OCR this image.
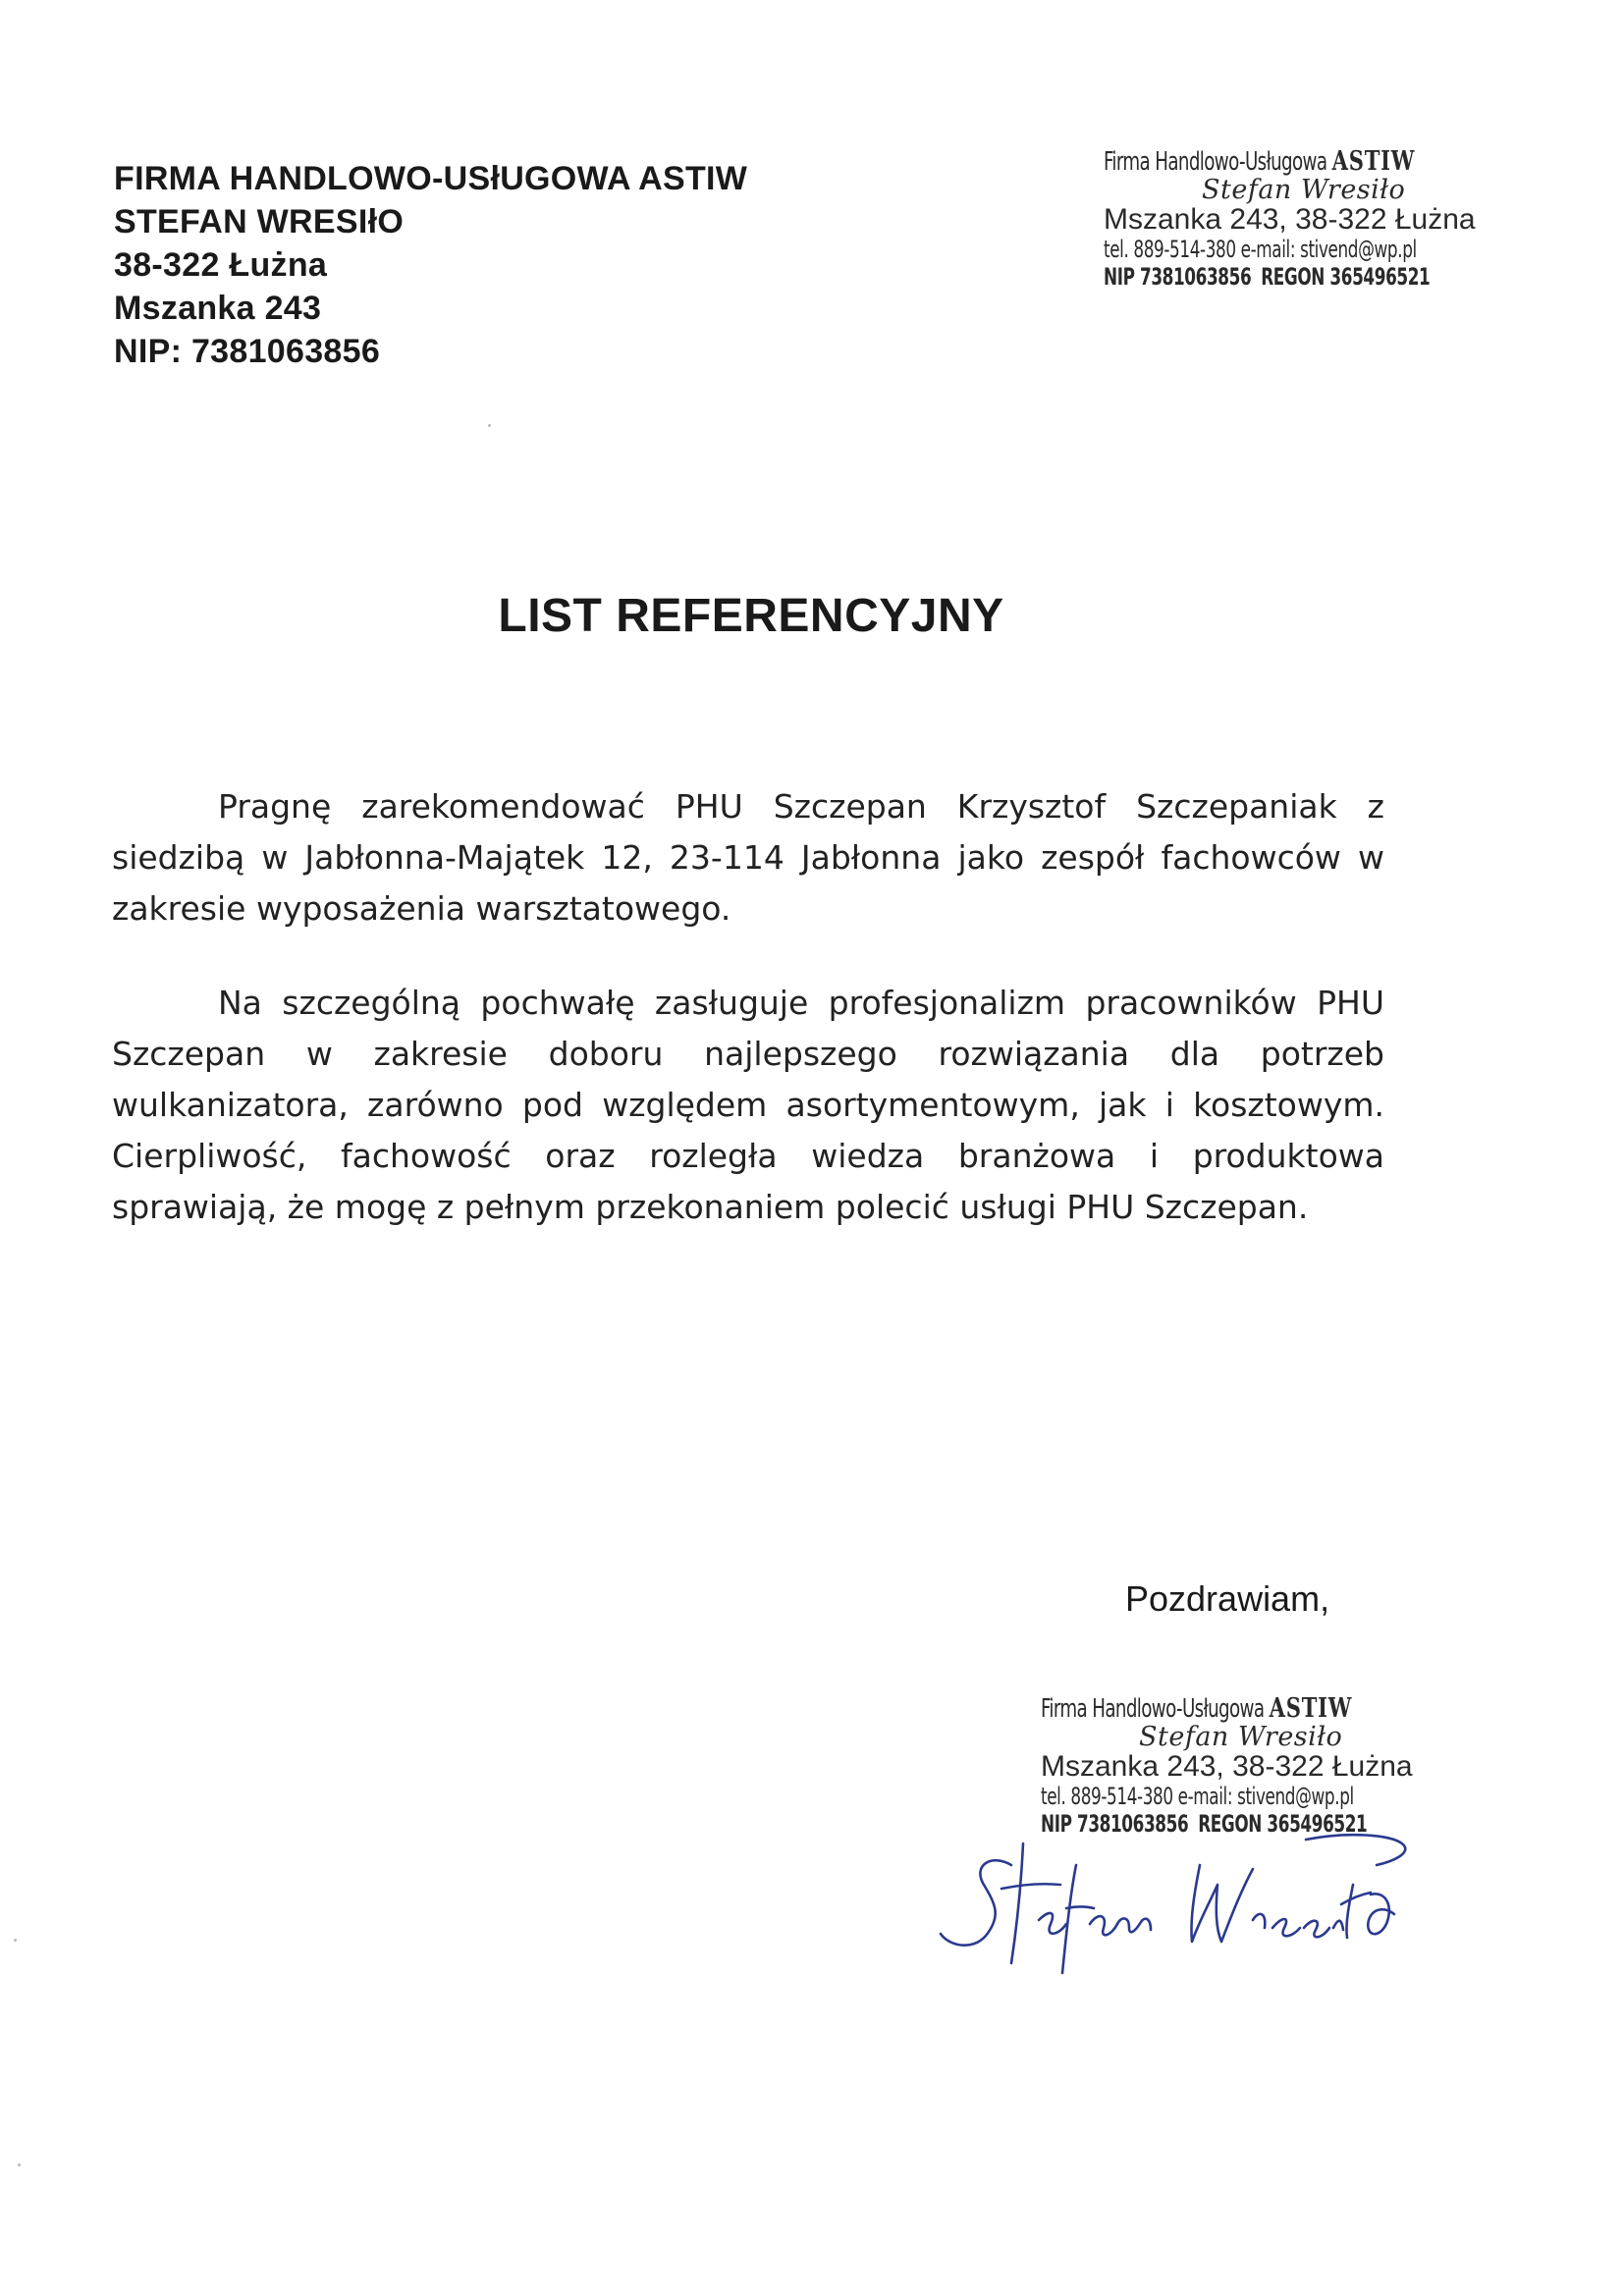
FIRMA HANDLOWO-USłUGOWA ASTIW
STEFAN WRESIłO
38-322 Łużna
Mszanka 243
NIP: 7381063856
Firma Handlowo-Usługowa ASTIW
Stefan Wresiło
Mszanka 243, 38-322 Łużna
tel. 889-514-380 e-mail: stivend@wp.pl
NIP 7381063856 REGON 365496521
LIST REFERENCYJNY
Pragnę zarekomendować PHU Szczepan Krzysztof Szczepaniak z siedzibą w Jabłonna-Majątek 12, 23-114 Jabłonna jako zespół fachowców w zakresie wyposażenia warsztatowego.
Na szczególną pochwałę zasługuje profesjonalizm pracowników PHU Szczepan w zakresie doboru najlepszego rozwiązania dla potrzeb wulkanizatora, zarówno pod względem asortymentowym, jak i kosztowym. Cierpliwość, fachowość oraz rozległa wiedza branżowa i produktowa sprawiają, że mogę z pełnym przekonaniem polecić usługi PHU Szczepan.
Pozdrawiam,
Firma Handlowo-Usługowa ASTIW
Stefan Wresiło
Mszanka 243, 38-322 Łużna
tel. 889-514-380 e-mail: stivend@wp.pl
NIP 7381063856 REGON 365496521
